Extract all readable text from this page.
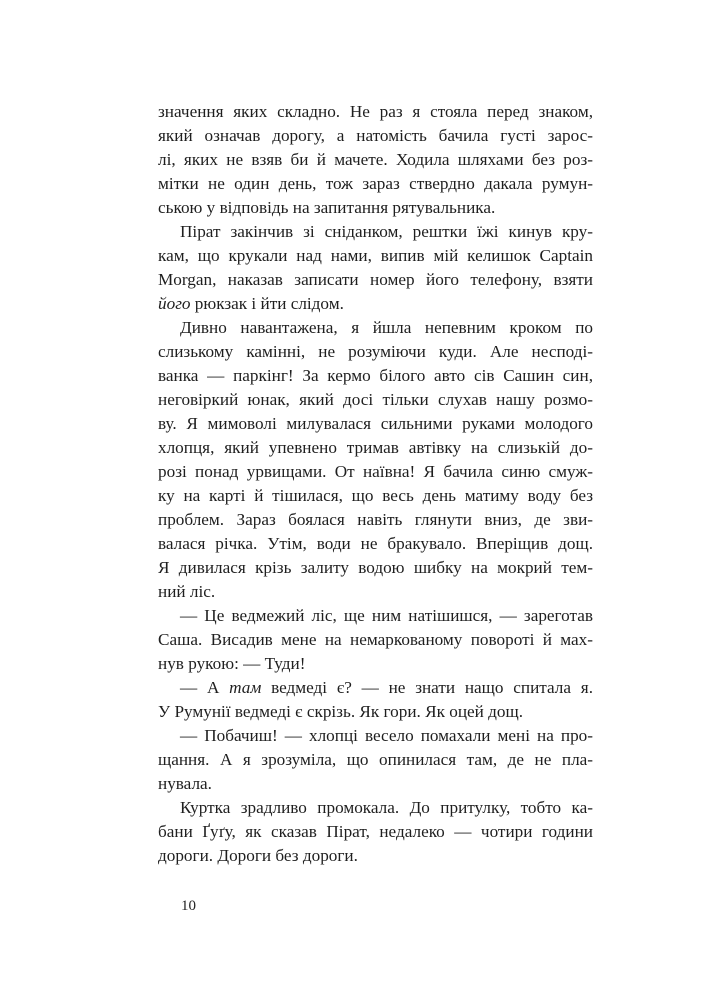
значення яких складно. Не раз я стояла перед знаком,
який означав дорогу, а натомість бачила густі зарос-
лі, яких не взяв би й мачете. Ходила шляхами без роз-
мітки не один день, тож зараз ствердно дакала румун-
ською у відповідь на запитання рятувальника.
Пірат закінчив зі сніданком, рештки їжі кинув кру-
кам, що крукали над нами, випив мій келишок Captain
Morgan, наказав записати номер його телефону, взяти
його рюкзак і йти слідом.
Дивно навантажена, я йшла непевним кроком по
слизькому камінні, не розуміючи куди. Але несподі-
ванка — паркінг! За кермо білого авто сів Сашин син,
неговіркий юнак, який досі тільки слухав нашу розмо-
ву. Я мимоволі милувалася сильними руками молодого
хлопця, який упевнено тримав автівку на слизькій до-
розі понад урвищами. От наївна! Я бачила синю смуж-
ку на карті й тішилася, що весь день матиму воду без
проблем. Зараз боялася навіть глянути вниз, де зви-
валася річка. Утім, води не бракувало. Вперіщив дощ.
Я дивилася крізь залиту водою шибку на мокрий тем-
ний ліс.
— Це ведмежий ліс, ще ним натішишся, — зареготав
Саша. Висадив мене на немаркованому повороті й мах-
нув рукою: — Туди!
— А там ведмеді є? — не знати нащо спитала я.
У Румунії ведмеді є скрізь. Як гори. Як оцей дощ.
— Побачиш! — хлопці весело помахали мені на про-
щання. А я зрозуміла, що опинилася там, де не пла-
нувала.
Куртка зрадливо промокала. До притулку, тобто ка-
бани Ґуґу, як сказав Пірат, недалеко — чотири години
дороги. Дороги без дороги.
10
